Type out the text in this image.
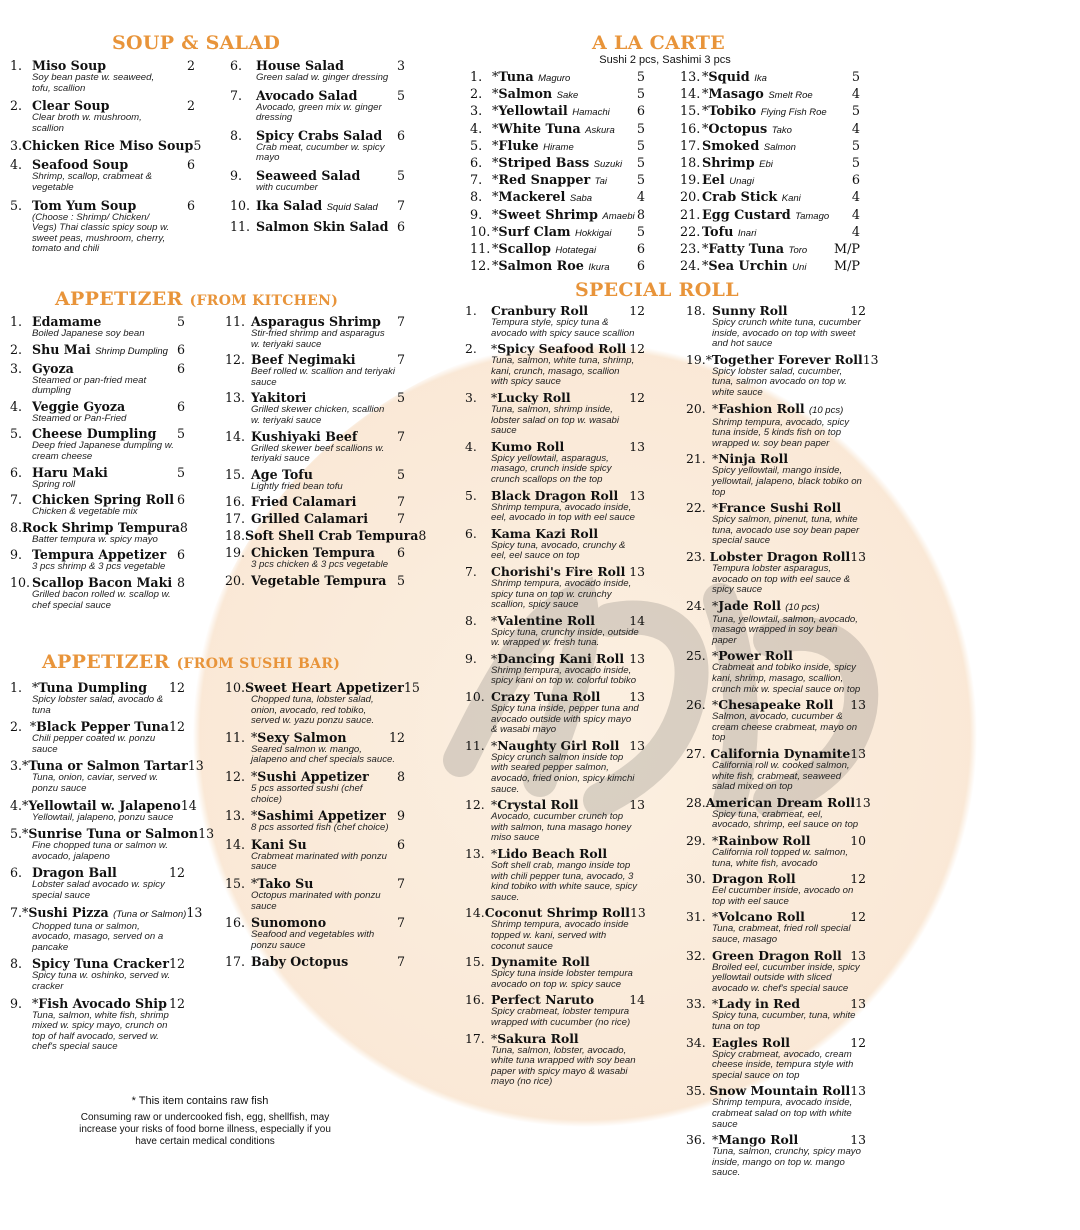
SOUP & SALAD
1. Miso Soup	2
Soy bean paste w. seaweed, tofu, scallion
2. Clear Soup	2
Clear broth w. mushroom, scallion
3. Chicken Rice Miso Soup 5
4. Seafood Soup	6
Shrimp, scallop, crabmeat & vegetable
5. Tom Yum Soup	6
(Choose : Shrimp/ Chicken/ Vegs) Thai classic spicy soup w. sweet peas, mushroom, cherry, tomato and chili
6.	House Salad	3
Green salad w. ginger dressing
7.	Avocado Salad	5
Avocado, green mix w. ginger dressing
8.	Spicy Crabs Salad	6
Crab meat, cucumber w. spicy mayo
9.	Seaweed Salad	5
with cucumber
10. Ika Salad Squid Salad	7
11. Salmon Skin Salad 6
APPETIZER (FROM KITCHEN)
1. Edamame	5
Boiled Japanese soy bean
2. Shu Mai Shrimp Dumpling 6
3. Gyoza	6
Steamed or pan-fried meat dumpling
4. Veggie Gyoza	6
Steamed or Pan-Fried
5. Cheese Dumpling	5
Deep fried Japanese dumpling w. cream cheese
6. Haru Maki	5
Spring roll
7. Chicken Spring Roll 6
Chicken & vegetable mix
8. Rock Shrimp Tempura 8
Batter tempura w. spicy mayo
9. Tempura Appetizer 6
3 pcs shrimp & 3 pcs vegetable
10. Scallop Bacon Maki 8
Grilled bacon rolled w. scallop w. chef special sauce
11. Asparagus Shrimp	7
Stir-fried shrimp and asparagus w. teriyaki sauce
12. Beef Negimaki	7
Beef rolled w. scallion and teriyaki sauce
13. Yakitori	5
Grilled skewer chicken, scallion w. teriyaki sauce
14. Kushiyaki Beef	7
Grilled skewer beef scallions w. teriyaki sauce
15. Age Tofu	5
Lightly fried bean tofu
16. Fried Calamari	7
17. Grilled Calamari	7
18. Soft Shell Crab Tempura 8
19. Chicken Tempura	6
3 pcs chicken & 3 pcs vegetable
20. Vegetable Tempura 5
APPETIZER (FROM SUSHI BAR)
1. * Tuna Dumpling	12
Spicy lobster salad, avocado & tuna
2. * Black Pepper Tuna 12
Chili pepper coated w. ponzu sauce
3. * Tuna or Salmon Tartar 13
Tuna, onion, caviar, served w. ponzu sauce
4. * Yellowtail w. Jalapeno 14
Yellowtail, jalapeno, ponzu sauce
5. * Sunrise Tuna or Salmon 13
Fine chopped tuna or salmon w. avocado, jalapeno
6. Dragon Ball	12
Lobster salad avocado w. spicy special sauce
7. * Sushi Pizza (Tuna or Salmon) 13
Chopped tuna or salmon, avocado, masago, served on a pancake
8. Spicy Tuna Cracker 12
Spicy tuna w. oshinko, served w. cracker
9. * Fish Avocado Ship 12
Tuna, salmon, white fish, shrimp mixed w. spicy mayo, crunch on top of half avocado, served w. chef's special sauce
10. Sweet Heart Appetizer 15
Chopped tuna, lobster salad, onion, avocado, red tobiko, served w. yazu ponzu sauce.
11. * Sexy Salmon	12
Seared salmon w. mango, jalapeno and chef specials sauce.
12. * Sushi Appetizer	8
5 pcs assorted sushi (chef choice)
13. * Sashimi Appetizer 9
8 pcs assorted fish (chef choice)
14. Kani Su	6
Crabmeat marinated with ponzu sauce
15. * Tako Su	7
Octopus marinated with ponzu sauce
16. Sunomono	7
Seafood and vegetables with ponzu sauce
17. Baby Octopus	7
A LA CARTE
Sushi 2 pcs, Sashimi 3 pcs
1. * Tuna Maguro	5
2. * Salmon Sake	5
3. * Yellowtail Hamachi	6
4. * White Tuna Askura	5
5. * Fluke Hirame	5
6. * Striped Bass Suzuki	5
7. * Red Snapper Tai	5
8. * Mackerel Saba	4
9. * Sweet Shrimp Amaebi 8
10. * Surf Clam Hokkigai	5
11. * Scallop Hotategai	6
12. * Salmon Roe Ikura	6
13. * Squid Ika	5
14. * Masago Smelt Roe	4
15. * Tobiko Flying Fish Roe	5
16. * Octopus Tako	4
17. Smoked Salmon	5
18. Shrimp Ebi	5
19. Eel Unagi	6
20. Crab Stick Kani	4
21. Egg Custard Tamago	4
22. Tofu Inari	4
23. * Fatty Tuna Toro	M/P
24. * Sea Urchin Uni	M/P
SPECIAL ROLL
1.	Cranbury Roll	12
Tempura style, spicy tuna & avocado with spicy sauce scallion
2.	* Spicy Seafood Roll 12
Tuna, salmon, white tuna, shrimp, kani, crunch, masago, scallion with spicy sauce
3.	* Lucky Roll	12
Tuna, salmon, shrimp inside, lobster salad on top w. wasabi sauce
4.	Kumo Roll	13
Spicy yellowtail, asparagus, masago, crunch inside spicy crunch scallops on the top
5.	Black Dragon Roll 13
Shrimp tempura, avocado inside, eel, avocado in top with eel sauce
6.	Kama Kazi Roll
Spicy tuna, avocado, crunchy & eel, eel sauce on top
7.	Chorishi's Fire Roll 13
Shrimp tempura, avocado inside, spicy tuna on top w. crunchy scallion, spicy sauce
8.	* Valentine Roll	14
Spicy tuna, crunchy inside, outside w. wrapped w. fresh tuna.
9.	* Dancing Kani Roll 13
Shrimp tempura, avocado inside, spicy kani on top w. colorful tobiko
10. Crazy Tuna Roll	13
Spicy tuna inside, pepper tuna and avocado outside with spicy mayo & wasabi mayo
11. * Naughty Girl Roll 13
Spicy crunch salmon inside top with seared pepper salmon, avocado, fried onion, spicy kimchi sauce.
12. * Crystal Roll	13
Avocado, cucumber crunch top with salmon, tuna masago honey miso sauce
13. * Lido Beach Roll
Soft shell crab, mango inside top with chili pepper tuna, avocado, 3 kind tobiko with white sauce, spicy sauce.
14. Coconut Shrimp Roll 13
Shrimp tempura, avocado inside topped w. kani, served with coconut sauce
15. Dynamite Roll
Spicy tuna inside lobster tempura avocado on top w. spicy sauce
16. Perfect Naruto	14
Spicy crabmeat, lobster tempura wrapped with cucumber (no rice)
17. * Sakura Roll
Tuna, salmon, lobster, avocado, white tuna wrapped with soy bean paper with spicy mayo & wasabi mayo (no rice)
18. Sunny Roll	12
Spicy crunch white tuna, cucumber inside, avocado on top with sweet and hot sauce
19. * Together Forever Roll 13
Spicy lobster salad, cucumber, tuna, salmon avocado on top w. white sauce
20. * Fashion Roll (10 pcs)
Shrimp tempura, avocado, spicy tuna inside, 5 kinds fish on top wrapped w. soy bean paper
21. * Ninja Roll
Spicy yellowtail, mango inside, yellowtail, jalapeno, black tobiko on top
22. * France Sushi Roll
Spicy salmon, pinenut, tuna, white tuna, avocado use soy bean paper special sauce
23. Lobster Dragon Roll 13
Tempura lobster asparagus, avocado on top with eel sauce & spicy sauce
24. * Jade Roll (10 pcs)
Tuna, yellowtail, salmon, avocado, masago wrapped in soy bean paper
25. * Power Roll
Crabmeat and tobiko inside, spicy kani, shrimp, masago, scallion, crunch mix w. special sauce on top
26. * Chesapeake Roll	13
Salmon, avocado, cucumber & cream cheese crabmeat, mayo on top
27. California Dynamite 13
California roll w. cooked salmon, white fish, crabmeat, seaweed salad mixed on top
28. American Dream Roll 13
Spicy tuna, crabmeat, eel, avocado, shrimp, eel sauce on top
29. * Rainbow Roll	10
California roll topped w. salmon, tuna, white fish, avocado
30. Dragon Roll	12
Eel cucumber inside, avocado on top with eel sauce
31. * Volcano Roll	12
Tuna, crabmeat, fried roll special sauce, masago
32. Green Dragon Roll 13
Broiled eel, cucumber inside, spicy yellowtail outside with sliced avocado w. chef's special sauce
33. * Lady in Red	13
Spicy tuna, cucumber, tuna, white tuna on top
34. Eagles Roll	12
Spicy crabmeat, avocado, cream cheese inside, tempura style with special sauce on top
35. Snow Mountain Roll 13
Shrimp tempura, avocado inside, crabmeat salad on top with white sauce
36. * Mango Roll	13
Tuna, salmon, crunchy, spicy mayo inside, mango on top w. mango sauce.
* This item contains raw fish
Consuming raw or undercooked fish, egg, shellfish, may increase your risks of food borne illness, especially if you have certain medical conditions
